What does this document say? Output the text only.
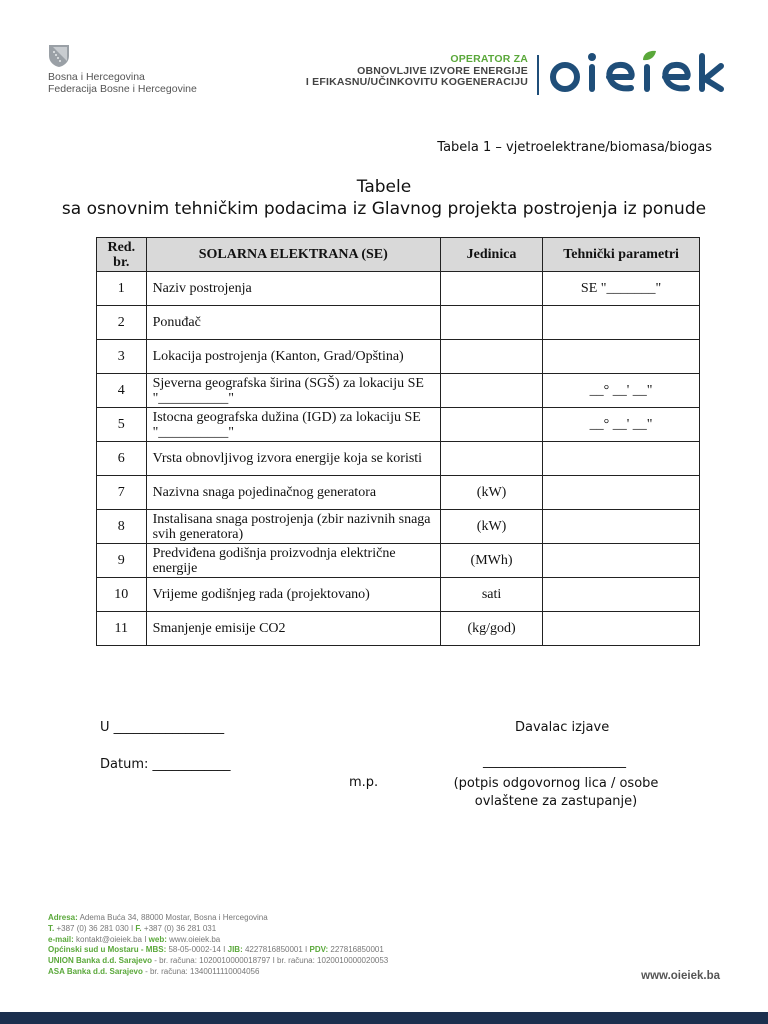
Bosna i Hercegovina
Federacija Bosne i Hercegovine
OPERATOR ZA
OBNOVLJIVE IZVORE ENERGIJE
I EFIKASNU/UČINKOVITU KOGENERACIJU
Tabela 1 – vjetroelektrane/biomasa/biogas
Tabele
sa osnovnim tehničkim podacima iz Glavnog projekta postrojenja iz ponude
Red. br.	SOLARNA ELEKTRANA (SE)	Jedinica	Tehnički parametri
1	Naziv postrojenja		SE "_______"
2	Ponuđač		
3	Lokacija postrojenja (Kanton, Grad/Opština)		
4	Sjeverna geografska širina (SGŠ) za lokaciju SE "__________"		__° __' __"
5	Istocna geografska dužina (IGD) za lokaciju SE "__________"		__° __' __"
6	Vrsta obnovljivog izvora energije koja se koristi		
7	Nazivna snaga pojedinačnog generatora	(kW)	
8	Instalisana snaga postrojenja (zbir nazivnih snaga svih generatora)	(kW)	
9	Predviđena godišnja proizvodnja električne energije	(MWh)	
10	Vrijeme godišnjeg rada (projektovano)	sati	
11	Smanjenje emisije CO2	(kg/god)	
U _________________
Datum: ____________
m.p.
Davalac izjave
______________________
(potpis odgovornog lica / osobe
ovlaštene za zastupanje)
Adresa: Adema Buća 34, 88000 Mostar, Bosna i Hercegovina
T. +387 (0) 36 281 030 I F. +387 (0) 36 281 031
e-mail: kontakt@oieiek.ba I web: www.oieiek.ba
Općinski sud u Mostaru - MBS: 58-05-0002-14 I JIB: 4227816850001 I PDV: 227816850001
UNION Banka d.d. Sarajevo - br. računa: 1020010000018797 I br. računa: 1020010000020053
ASA Banka d.d. Sarajevo - br. računa: 1340011110004056	www.oieiek.ba
